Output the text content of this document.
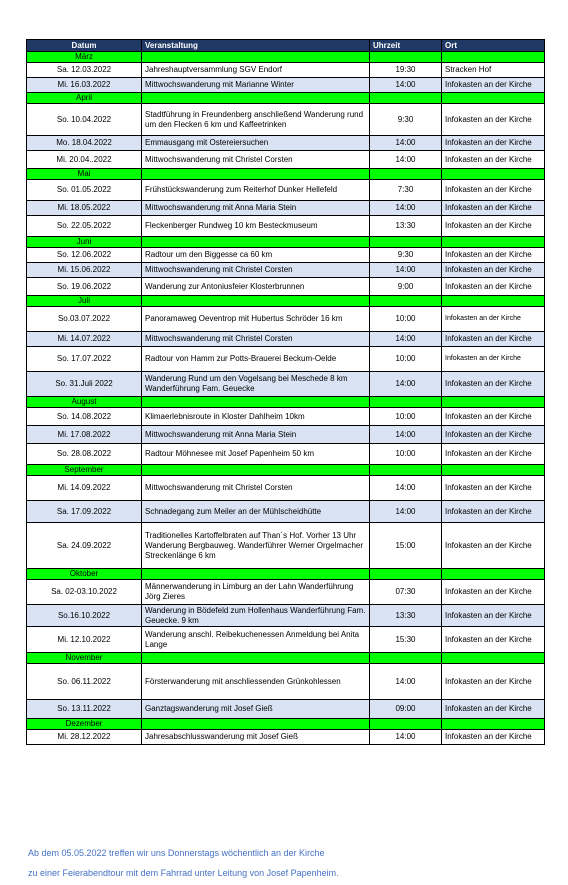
Datum	Veranstaltung	Uhrzeit	Ort
März			
Sa. 12.03.2022	Jahreshauptversammlung SGV Endorf	19:30	Stracken Hof
Mi. 16.03.2022	Mittwochswanderung mit Marianne Winter	14:00	Infokasten an der Kirche
April			
So. 10.04.2022	Stadtführung in Freundenberg anschließend Wanderung rund um den Flecken 6 km und Kaffeetrinken	9:30	Infokasten an der Kirche
Mo. 18.04.2022	Emmausgang mit Ostereiersuchen	14:00	Infokasten an der Kirche
Mi. 20.04..2022	Mittwochswanderung mit Christel Corsten	14:00	Infokasten an der Kirche
Mai			
So. 01.05.2022	Frühstückswanderung zum Reiterhof Dunker Hellefeld	7:30	Infokasten an der Kirche
Mi. 18.05.2022	Mittwochswanderung mit Anna Maria Stein	14:00	Infokasten an der Kirche
So. 22.05.2022	Fleckenberger Rundweg 10 km Besteckmuseum	13:30	Infokasten an der Kirche
Juni			
So. 12.06.2022	Radtour um den Biggesse ca 60 km	9:30	Infokasten an der Kirche
Mi. 15.06.2022	Mittwochswanderung mit Christel Corsten	14:00	Infokasten an der Kirche
So. 19.06.2022	Wanderung zur Antoniusfeier Klosterbrunnen	9:00	Infokasten an der Kirche
Juli			
So.03.07.2022	Panoramaweg Oeventrop mit Hubertus Schröder 16 km	10:00	Infokasten an der Kirche
Mi. 14.07.2022	Mittwochswanderung mit Christel Corsten	14:00	Infokasten an der Kirche
So. 17.07.2022	Radtour von Hamm zur Potts-Brauerei Beckum-Oelde	10:00	Infokasten an der Kirche
So. 31.Juli 2022	Wanderung Rund um den Vogelsang bei Meschede 8 km Wanderführung Fam. Geuecke	14:00	Infokasten an der Kirche
August			
So. 14.08.2022	Klimaerlebnisroute in Kloster Dahlheim 10km	10:00	Infokasten an der Kirche
Mi. 17.08.2022	Mittwochswanderung mit Anna Maria Stein	14:00	Infokasten an der Kirche
So. 28.08.2022	Radtour Möhnesee mit Josef Papenheim 50 km	10:00	Infokasten an der Kirche
September			
Mi. 14.09.2022	Mittwochswanderung mit Christel Corsten	14:00	Infokasten an der Kirche
Sa. 17.09.2022	Schnadegang zum Meiler an der Mühlscheidhütte	14:00	Infokasten an der Kirche
Sa. 24.09.2022	Traditionelles Kartoffelbraten auf Than´s Hof. Vorher 13 Uhr Wanderung Bergbauweg. Wanderführer Werner Orgelmacher Streckenlänge 6 km	15:00	Infokasten an der Kirche
Oktober			
Sa. 02-03.10.2022	Männerwanderung in Limburg an der Lahn Wanderführung Jörg Zieres	07:30	Infokasten an der Kirche
So.16.10.2022	Wanderung in Bödefeld zum Hollenhaus Wanderführung Fam. Geuecke. 9 km	13:30	Infokasten an der Kirche
Mi. 12.10.2022	Wanderung anschl. Reibekuchenessen Anmeldung bei Anita Lange	15:30	Infokasten an der Kirche
November			
So. 06.11.2022	Försterwanderung mit anschliessenden Grünkohlessen	14:00	Infokasten an der Kirche
So. 13.11.2022	Ganztagswanderung mit Josef Gieß	09:00	Infokasten an der Kirche
Dezember			
Mi. 28.12.2022	Jahresabschlusswanderung mit Josef Gieß	14:00	Infokasten an der Kirche
Ab dem 05.05.2022 treffen wir uns Donnerstags wöchentlich an der Kirche
zu einer Feierabendtour mit dem Fahrrad unter Leitung von Josef Papenheim.
